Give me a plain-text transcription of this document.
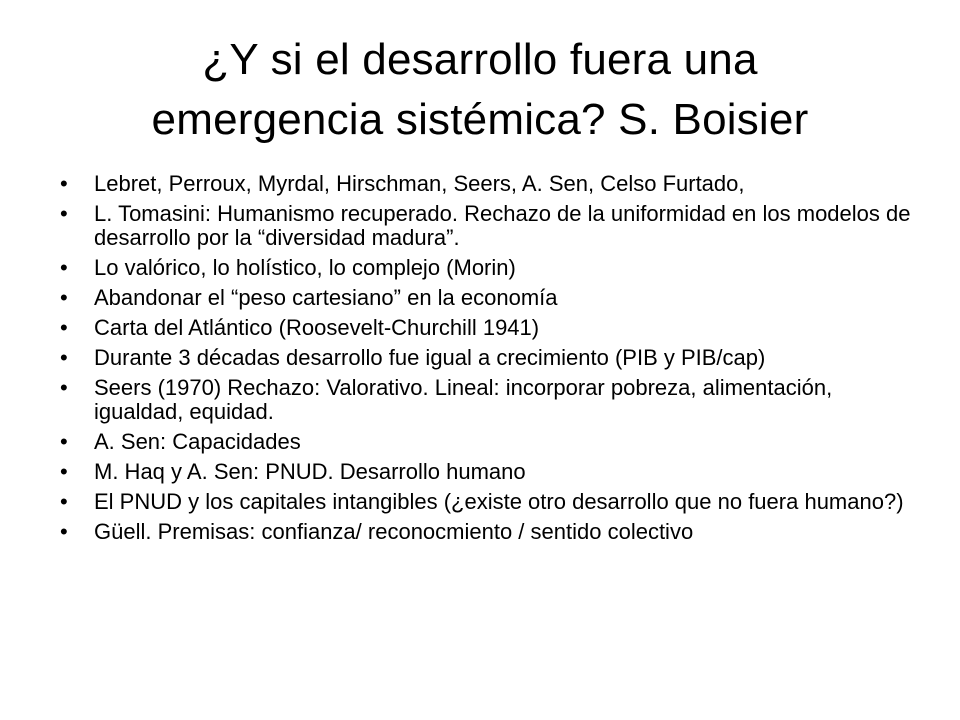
¿Y si el desarrollo fuera una
emergencia sistémica? S. Boisier
•	Lebret, Perroux, Myrdal, Hirschman, Seers, A. Sen, Celso Furtado,
•	L. Tomasini: Humanismo recuperado. Rechazo de la uniformidad en los modelos de desarrollo por la “diversidad madura”.
•	Lo valórico, lo holístico, lo complejo (Morin)
•	Abandonar el “peso cartesiano” en la economía
•	Carta del Atlántico (Roosevelt-Churchill 1941)
•	Durante 3 décadas desarrollo fue igual a crecimiento (PIB y PIB/cap)
•	Seers (1970) Rechazo: Valorativo. Lineal: incorporar pobreza, alimentación, igualdad, equidad.
•	A. Sen: Capacidades
•	M. Haq y A. Sen: PNUD. Desarrollo humano
•	El PNUD y los capitales intangibles (¿existe otro desarrollo que no fuera humano?)
•	Güell. Premisas: confianza/ reconocmiento / sentido colectivo
